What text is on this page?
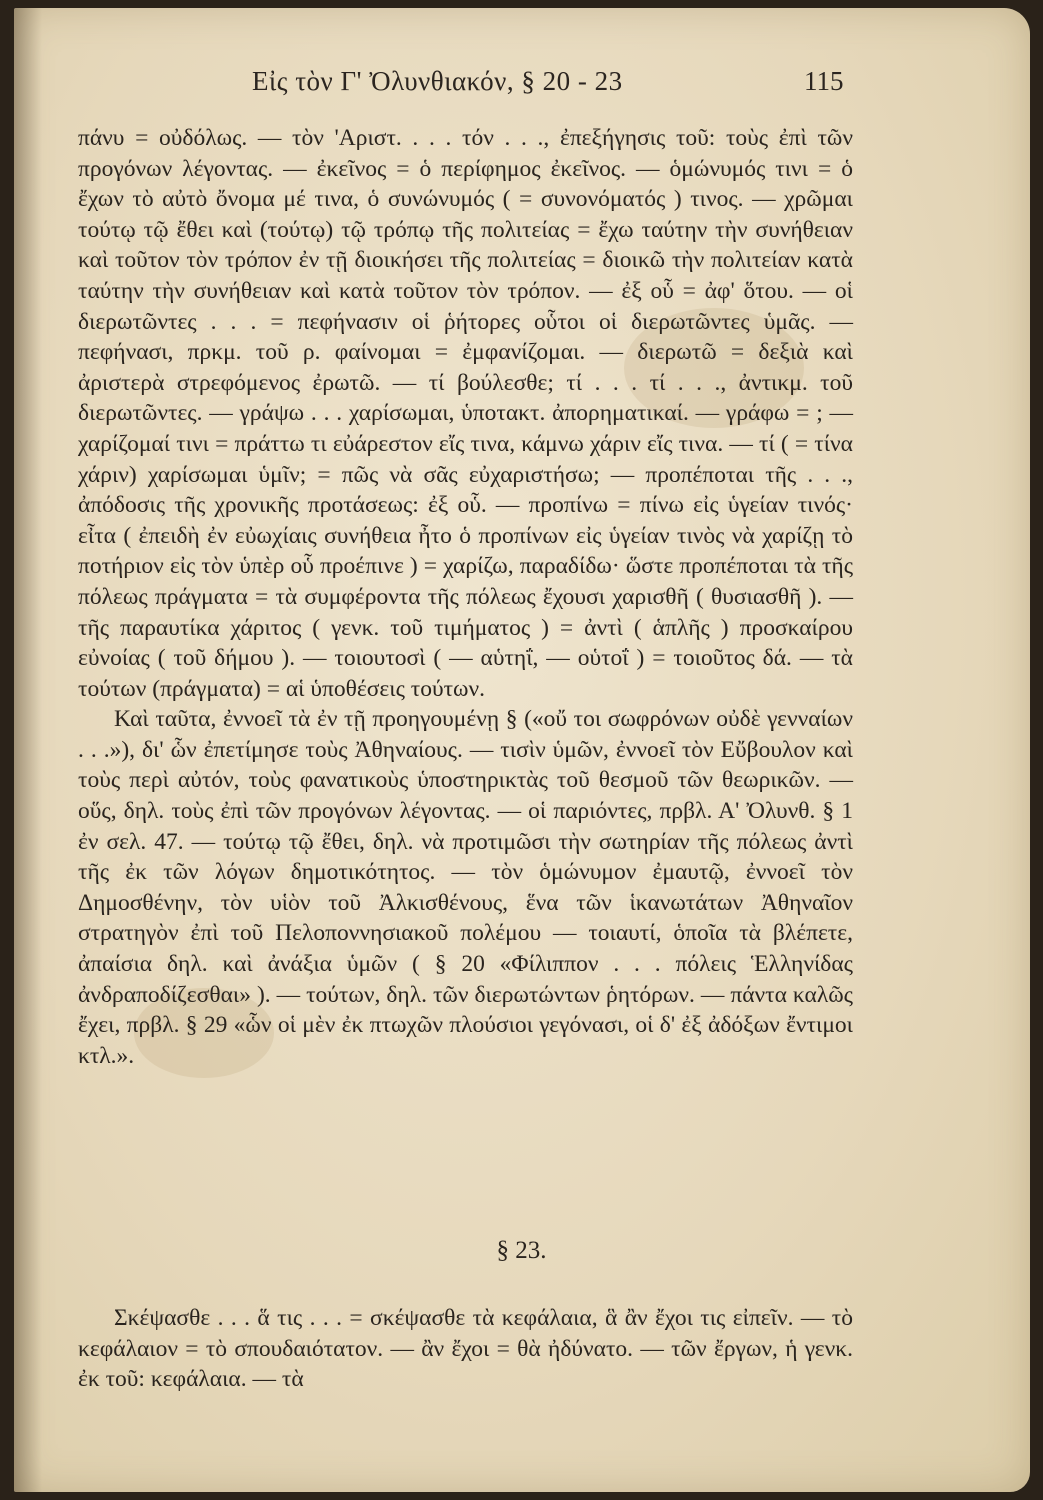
Εἰς τὸν Γ' Ὀλυνθιακόν, § 20 - 23	115

πάνυ = οὐδόλως. — τὸν 'Αριστ. . . . τόν . . ., ἐπεξήγησις τοῦ: τοὺς ἐπὶ τῶν προγόνων λέγοντας. — ἐκεῖνος = ὁ περίφημος ἐκεῖνος. — ὁμώνυμός τινι = ὁ ἔχων τὸ αὐτὸ ὄνομα μέ τινα, ὁ συνώνυμός ( = συνονόματός ) τινος. — χρῶμαι τούτῳ τῷ ἔθει καὶ (τούτῳ) τῷ τρόπῳ τῆς πολιτείας = ἔχω ταύτην τὴν συνήθειαν καὶ τοῦτον τὸν τρόπον ἐν τῇ διοικήσει τῆς πολιτείας = διοικῶ τὴν πολιτείαν κατὰ ταύτην τὴν συνήθειαν καὶ κατὰ τοῦτον τὸν τρόπον. — ἐξ οὗ = ἀφ' ὅτου. — οἱ διερωτῶντες . . . = πεφήνασιν οἱ ῥήτορες οὗτοι οἱ διερωτῶντες ὑμᾶς. — πεφήνασι, πρκμ. τοῦ ρ. φαίνομαι = ἐμφανίζομαι. — διερωτῶ = δεξιὰ καὶ ἀριστερὰ στρεφόμενος ἐρωτῶ. — τί βούλεσθε; τί . . . τί . . ., ἀντικμ. τοῦ διερωτῶντες. — γράψω . . . χαρίσωμαι, ὑποτακτ. ἀπορηματικαί. — γράφω = ; — χαρίζομαί τινι = πράττω τι εὐάρεστον εἴς τινα, κάμνω χάριν εἴς τινα. — τί ( = τίνα χάριν) χαρίσωμαι ὑμῖν; = πῶς νὰ σᾶς εὐχαριστήσω; — προπέποται τῆς . . ., ἀπόδοσις τῆς χρονικῆς προτάσεως: ἐξ οὗ. — προπίνω = πίνω εἰς ὑγείαν τινός· εἶτα ( ἐπειδὴ ἐν εὐωχίαις συνήθεια ἦτο ὁ προπίνων εἰς ὑγείαν τινὸς νὰ χαρίζῃ τὸ ποτήριον εἰς τὸν ὑπὲρ οὗ προέπινε ) = χαρίζω, παραδίδω· ὥστε προπέποται τὰ τῆς πόλεως πράγματα = τὰ συμφέροντα τῆς πόλεως ἔχουσι χαρισθῆ ( θυσιασθῆ ). — τῆς παραυτίκα χάριτος ( γενκ. τοῦ τιμήματος ) = ἀντὶ ( ἁπλῆς ) προσκαίρου εὐνοίας ( τοῦ δήμου ). — τοιουτοσὶ ( — αὑτηΐ, — οὑτοΐ ) = τοιοῦτος δά. — τὰ τούτων (πράγματα) = αἱ ὑποθέσεις τούτων.

Καὶ ταῦτα, ἐννοεῖ τὰ ἐν τῇ προηγουμένῃ § («οὔ τοι σωφρόνων οὐδὲ γενναίων . . .»), δι' ὧν ἐπετίμησε τοὺς Ἀθηναίους. — τισὶν ὑμῶν, ἐννοεῖ τὸν Εὔβουλον καὶ τοὺς περὶ αὐτόν, τοὺς φανατικοὺς ὑποστηρικτὰς τοῦ θεσμοῦ τῶν θεωρικῶν. — οὕς, δηλ. τοὺς ἐπὶ τῶν προγόνων λέγοντας. — οἱ παριόντες, πρβλ. Α' Ὀλυνθ. § 1 ἐν σελ. 47. — τούτῳ τῷ ἔθει, δηλ. νὰ προτιμῶσι τὴν σωτηρίαν τῆς πόλεως ἀντὶ τῆς ἐκ τῶν λόγων δημοτικότητος. — τὸν ὁμώνυμον ἐμαυτῷ, ἐννοεῖ τὸν Δημοσθένην, τὸν υἱὸν τοῦ Ἀλκισθένους, ἕνα τῶν ἱκανωτάτων Ἀθηναῖον στρατηγὸν ἐπὶ τοῦ Πελοποννησιακοῦ πολέμου — τοιαυτί, ὁποῖα τὰ βλέπετε, ἀπαίσια δηλ. καὶ ἀνάξια ὑμῶν ( § 20 «Φίλιππον . . . πόλεις Ἑλληνίδας ἀνδραποδίζεσθαι» ). — τούτων, δηλ. τῶν διερωτώντων ῥητόρων. — πάντα καλῶς ἔχει, πρβλ. § 29 «ὧν οἱ μὲν ἐκ πτωχῶν πλούσιοι γεγόνασι, οἱ δ' ἐξ ἀδόξων ἔντιμοι κτλ.».

§ 23.

Σκέψασθε . . . ἅ τις . . . = σκέψασθε τὰ κεφάλαια, ἃ ἂν ἔχοι τις εἰπεῖν. — τὸ κεφάλαιον = τὸ σπουδαιότατον. — ἂν ἔχοι = θὰ ἠδύνατο. — τῶν ἔργων, ἡ γενκ. ἐκ τοῦ: κεφάλαια. — τὰ
